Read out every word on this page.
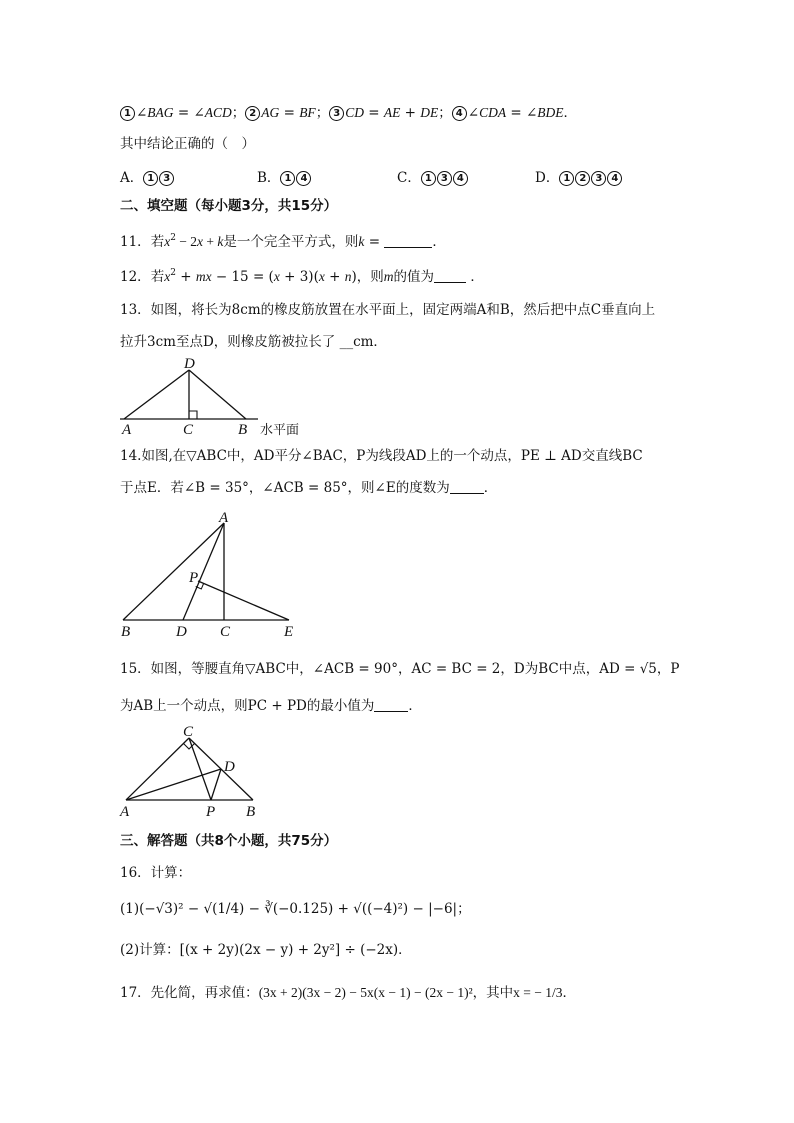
1 ∠BAG = ∠ACD； 2 AG = BF； 3 CD = AE + DE； 4 ∠CDA = ∠BDE．
其中结论正确的（　）
A． 1 3	B． 1 4	C． 1 3 4	D． 1 2 3 4
二、填空题（每小题3分，共15分）
11．若$x^2 - 2x + k$是一个完全平方式，则k =	．
12．若$x^2$ + mx − 15 = (x + 3)(x + n)，则m的值为	．
13．如图，将长为8cm的橡皮筋放置在水平面上，固定两端A和B，然后把中点C垂直向上
拉升3cm至点D，则橡皮筋被拉长了 __cm．
D
A	C	B 水平面
14.如图,在▽ABC中，AD平分∠BAC，P为线段AD上的一个动点，PE ⊥ AD交直线BC
于点E．若∠B = 35°，∠ACB = 85°，则∠E的度数为	．
A
P
B	D C	E
15．如图，等腰直角▽ABC中，∠ACB = 90°，AC = BC = 2，D为BC中点，AD = √5，P
为AB上一个动点，则PC + PD的最小值为	．
C
D
A	P B
三、解答题（共8个小题，共75分）
16．计算：
(1)(−√3)² − √(1/4) − ∛(−0.125) + √((−4)²) − |−6|；
(2)计算：[(x + 2y)(2x − y) + 2y²] ÷ (−2x)．
17．先化简，再求值：(3x + 2)(3x − 2) − 5x(x − 1) − (2x − 1)²，其中x = − 1/3．
